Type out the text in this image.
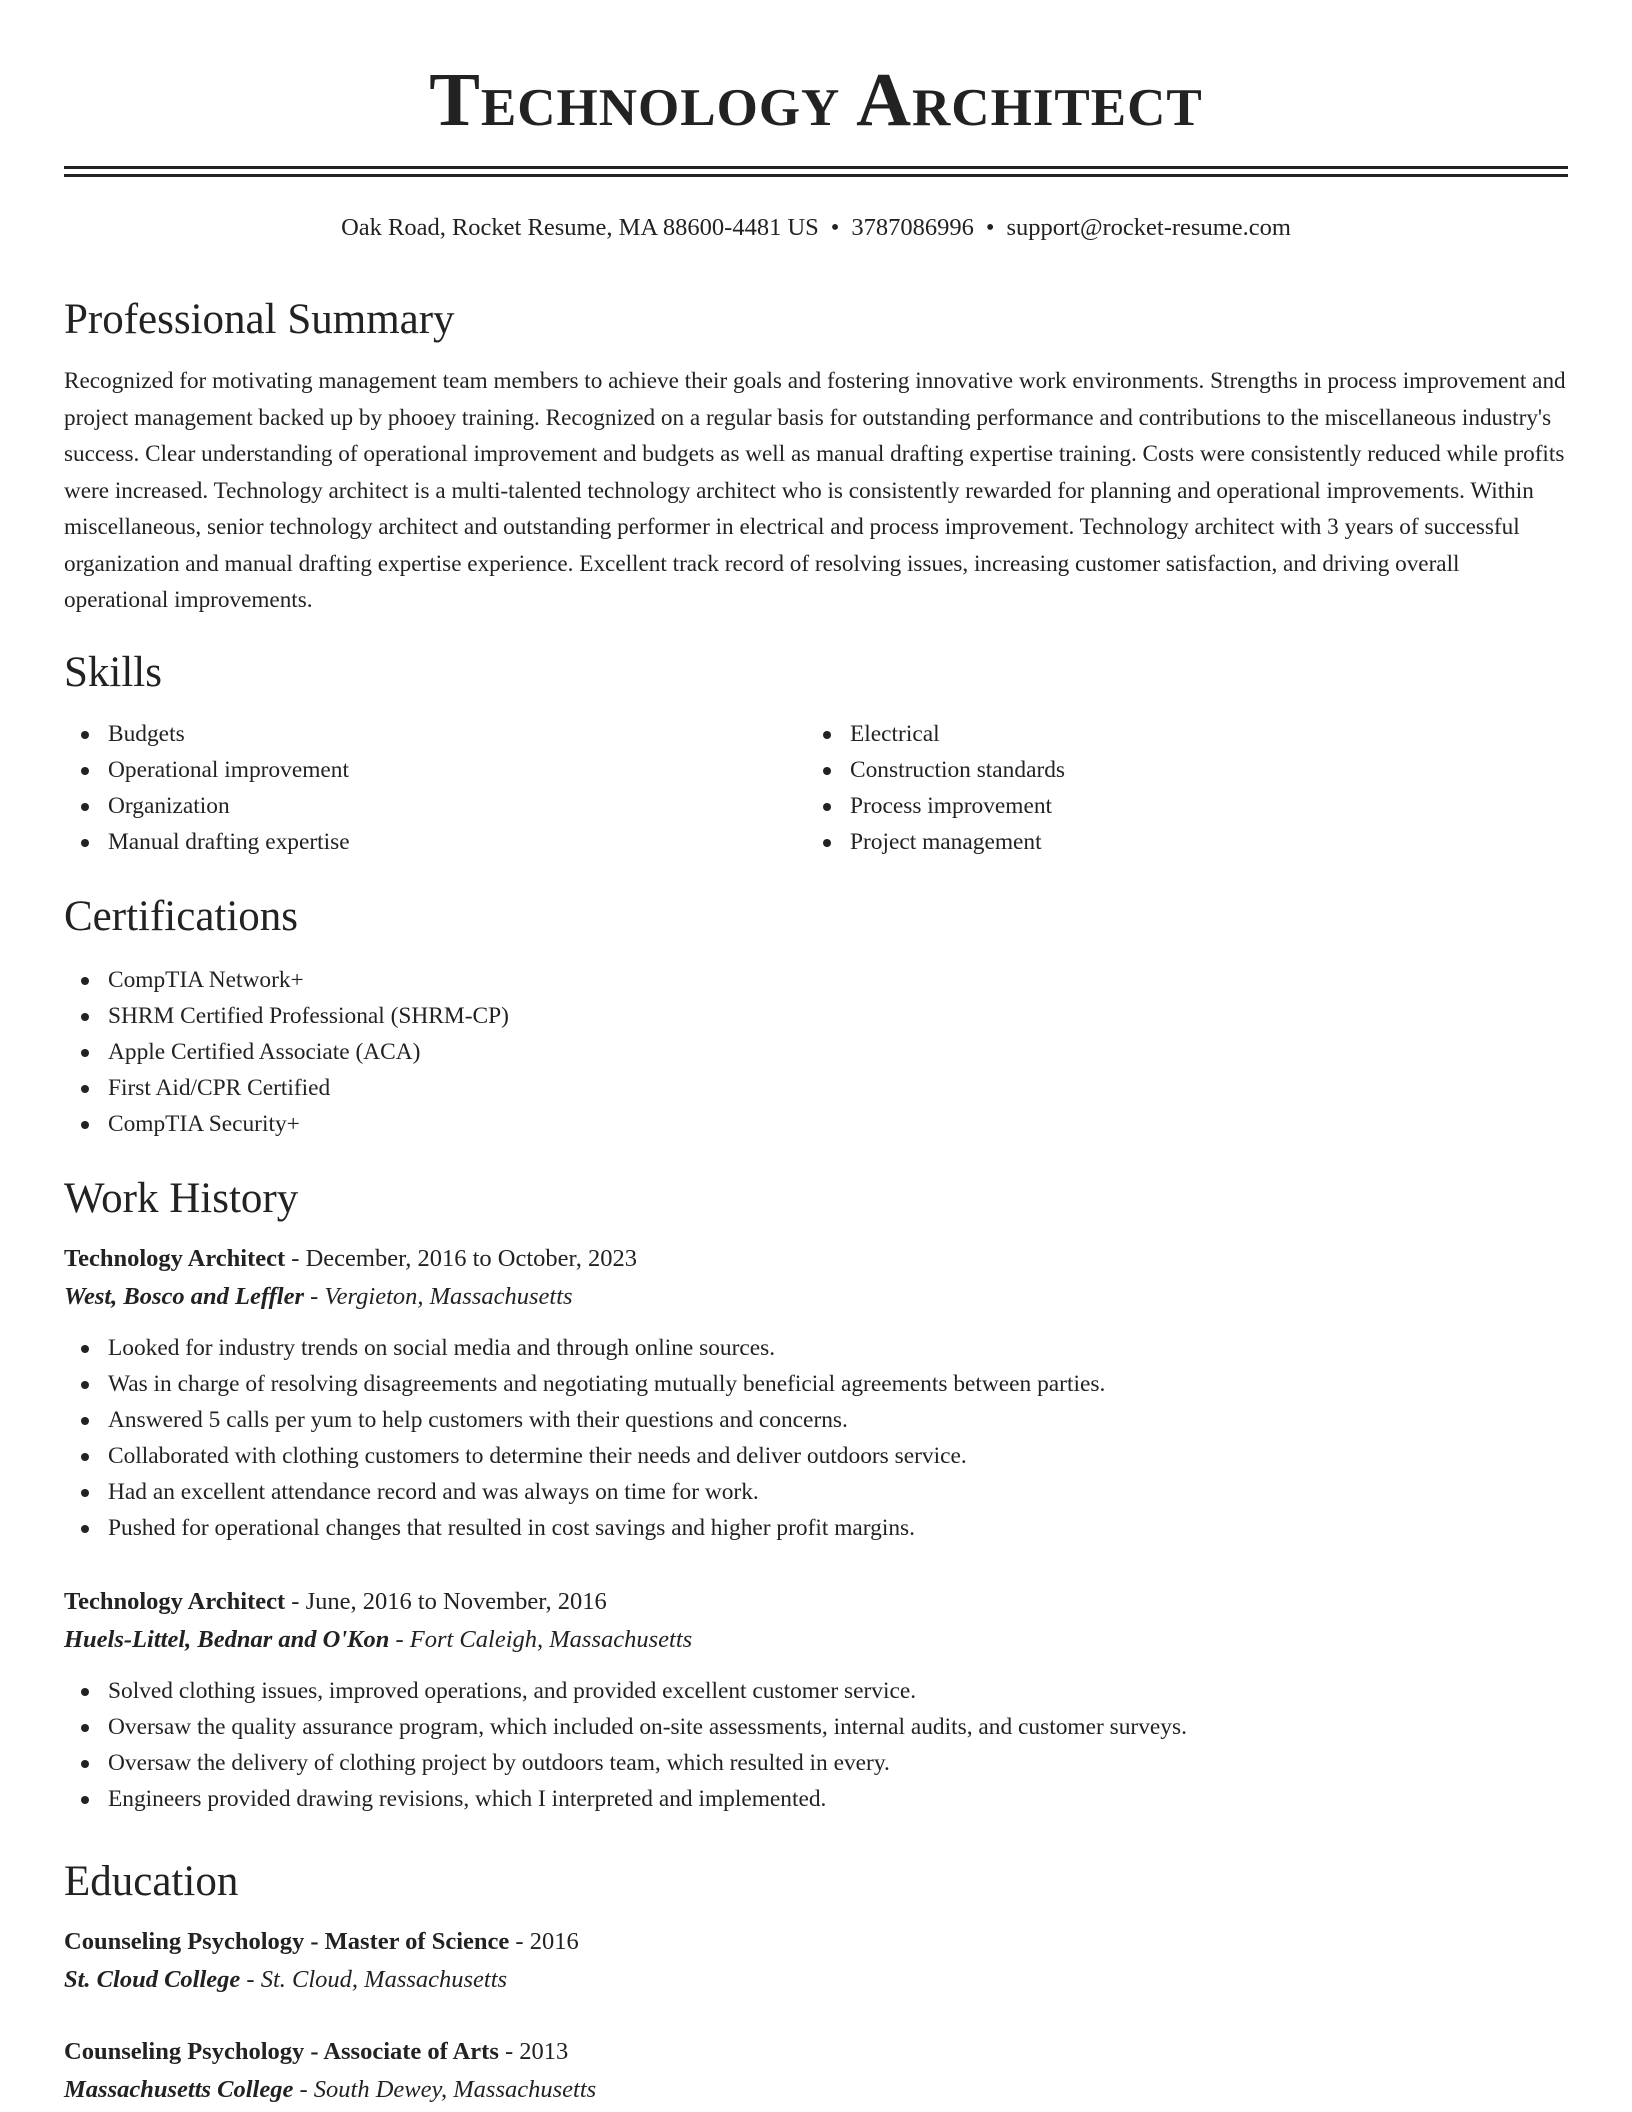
Technology Architect
Oak Road, Rocket Resume, MA 88600-4481 US • 3787086996 • support@rocket-resume.com
Professional Summary

Recognized for motivating management team members to achieve their goals and fostering innovative work environments. Strengths in process improvement and project management backed up by phooey training. Recognized on a regular basis for outstanding performance and contributions to the miscellaneous industry's success. Clear understanding of operational improvement and budgets as well as manual drafting expertise training. Costs were consistently reduced while profits were increased. Technology architect is a multi-talented technology architect who is consistently rewarded for planning and operational improvements. Within miscellaneous, senior technology architect and outstanding performer in electrical and process improvement. Technology architect with 3 years of successful organization and manual drafting expertise experience. Excellent track record of resolving issues, increasing customer satisfaction, and driving overall operational improvements.

Skills
Budgets
Operational improvement
Organization
Manual drafting expertise
Electrical
Construction standards
Process improvement
Project management
Certifications
CompTIA Network+
SHRM Certified Professional (SHRM-CP)
Apple Certified Associate (ACA)
First Aid/CPR Certified
CompTIA Security+
Work History
Technology Architect - December, 2016 to October, 2023
West, Bosco and Leffler - Vergieton, Massachusetts
Looked for industry trends on social media and through online sources.
Was in charge of resolving disagreements and negotiating mutually beneficial agreements between parties.
Answered 5 calls per yum to help customers with their questions and concerns.
Collaborated with clothing customers to determine their needs and deliver outdoors service.
Had an excellent attendance record and was always on time for work.
Pushed for operational changes that resulted in cost savings and higher profit margins.
Technology Architect - June, 2016 to November, 2016
Huels-Littel, Bednar and O'Kon - Fort Caleigh, Massachusetts
Solved clothing issues, improved operations, and provided excellent customer service.
Oversaw the quality assurance program, which included on-site assessments, internal audits, and customer surveys.
Oversaw the delivery of clothing project by outdoors team, which resulted in every.
Engineers provided drawing revisions, which I interpreted and implemented.
Education
Counseling Psychology - Master of Science - 2016
St. Cloud College - St. Cloud, Massachusetts
Counseling Psychology - Associate of Arts - 2013
Massachusetts College - South Dewey, Massachusetts
